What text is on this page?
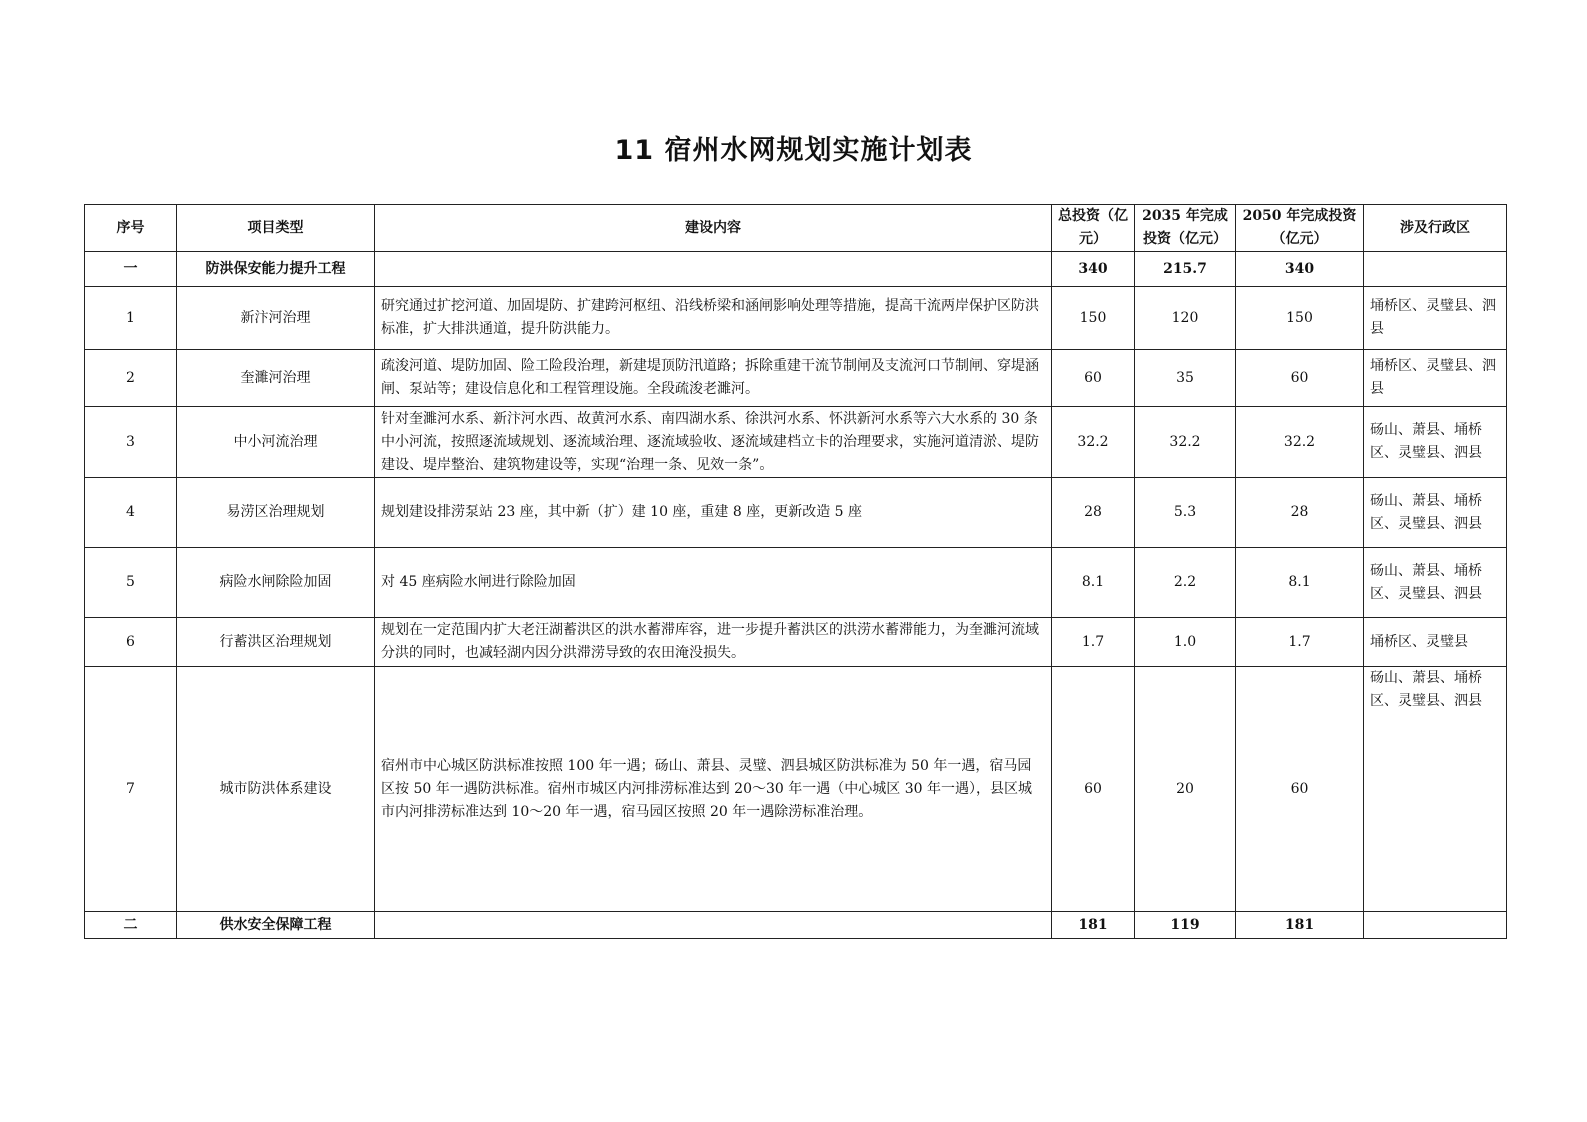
11 宿州水网规划实施计划表
序号	项目类型	建设内容	总投资（亿元）	2035 年完成投资（亿元）	2050 年完成投资（亿元）	涉及行政区
一	防洪保安能力提升工程		340	215.7	340	
1	新汴河治理	研究通过扩挖河道、加固堤防、扩建跨河枢纽、沿线桥梁和涵闸影响处理等措施，提高干流两岸保护区防洪标准，扩大排洪通道，提升防洪能力。	150	120	150	埇桥区、灵璧县、泗县
2	奎濉河治理	疏浚河道、堤防加固、险工险段治理，新建堤顶防汛道路；拆除重建干流节制闸及支流河口节制闸、穿堤涵闸、泵站等；建设信息化和工程管理设施。全段疏浚老濉河。	60	35	60	埇桥区、灵璧县、泗县
3	中小河流治理	针对奎濉河水系、新汴河水西、故黄河水系、南四湖水系、徐洪河水系、怀洪新河水系等六大水系的 30 条中小河流，按照逐流域规划、逐流域治理、逐流域验收、逐流域建档立卡的治理要求，实施河道清淤、堤防建设、堤岸整治、建筑物建设等，实现“治理一条、见效一条”。	32.2	32.2	32.2	砀山、萧县、埇桥区、灵璧县、泗县
4	易涝区治理规划	规划建设排涝泵站 23 座，其中新（扩）建 10 座，重建 8 座，更新改造 5 座	28	5.3	28	砀山、萧县、埇桥区、灵璧县、泗县
5	病险水闸除险加固	对 45 座病险水闸进行除险加固	8.1	2.2	8.1	砀山、萧县、埇桥区、灵璧县、泗县
6	行蓄洪区治理规划	规划在一定范围内扩大老汪湖蓄洪区的洪水蓄滞库容，进一步提升蓄洪区的洪涝水蓄滞能力，为奎濉河流域分洪的同时，也减轻湖内因分洪滞涝导致的农田淹没损失。	1.7	1.0	1.7	埇桥区、灵璧县
7	城市防洪体系建设	宿州市中心城区防洪标准按照 100 年一遇；砀山、萧县、灵璧、泗县城区防洪标准为 50 年一遇，宿马园区按 50 年一遇防洪标准。宿州市城区内河排涝标准达到 20～30 年一遇（中心城区 30 年一遇），县区城市内河排涝标准达到 10～20 年一遇，宿马园区按照 20 年一遇除涝标准治理。	60	20	60	砀山、萧县、埇桥区、灵璧县、泗县
二	供水安全保障工程		181	119	181	
